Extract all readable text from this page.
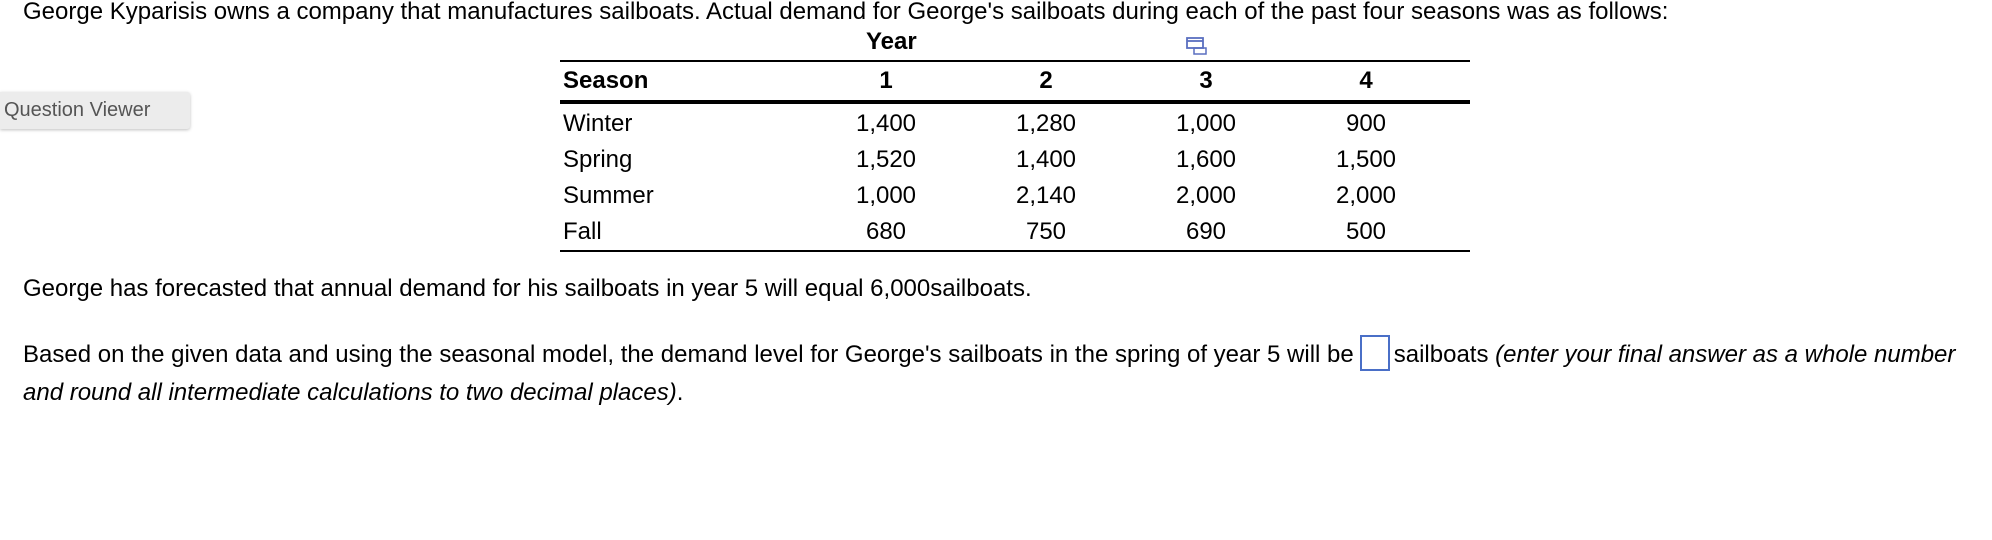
George Kyparisis owns a company that manufactures sailboats. Actual demand for George's sailboats during each of the past four seasons was as follows:

Question Viewer
Year
Season	1	2	3	4
Winter	1,400	1,280	1,000	900
Spring	1,520	1,400	1,600	1,500
Summer	1,000	2,140	2,000	2,000
Fall	680	750	690	500

George has forecasted that annual demand for his sailboats in year 5 will equal 6,000sailboats.

Based on the given data and using the seasonal model, the demand level for George's sailboats in the spring of year 5 will be sailboats (enter your final answer as a whole number and round all intermediate calculations to two decimal places).
